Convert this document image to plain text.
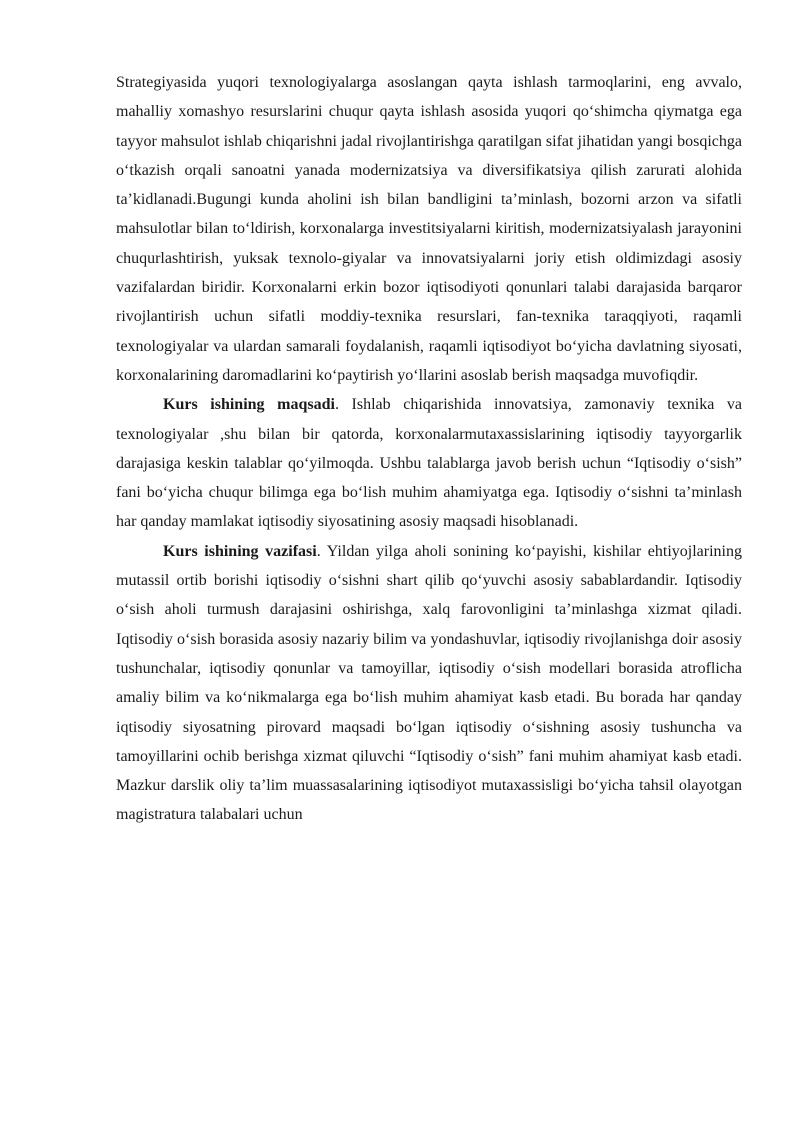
Strategiyasida yuqori texnologiyalarga asoslangan qayta ishlash tarmoqlarini, eng avvalo, mahalliy xomashyo resurslarini chuqur qayta ishlash asosida yuqori qo‘shimcha qiymatga ega tayyor mahsulot ishlab chiqarishni jadal rivojlantirishga qaratilgan sifat jihatidan yangi bosqichga o‘tkazish orqali sanoatni yanada modernizatsiya va diversifikatsiya qilish zarurati alohida ta’kidlanadi.Bugungi kunda aholini ish bilan bandligini ta’minlash, bozorni arzon va sifatli mahsulotlar bilan to‘ldirish, korxonalarga investitsiyalarni kiritish, modernizatsiyalash jarayonini chuqurlashtirish, yuksak texnolo-giyalar va innovatsiyalarni joriy etish oldimizdagi asosiy vazifalardan biridir. Korxonalarni erkin bozor iqtisodiyoti qonunlari talabi darajasida barqaror rivojlantirish uchun sifatli moddiy-texnika resurslari, fan-texnika taraqqiyoti, raqamli texnologiyalar va ulardan samarali foydalanish, raqamli iqtisodiyot bo‘yicha davlatning siyosati, korxonalarining daromadlarini ko‘paytirish yo‘llarini asoslab berish maqsadga muvofiqdir.

Kurs ishining maqsadi. Ishlab chiqarishida innovatsiya, zamonaviy texnika va texnologiyalar ,shu bilan bir qatorda, korxonalarmutaxassislarining iqtisodiy tayyorgarlik darajasiga keskin talablar qo‘yilmoqda. Ushbu talablarga javob berish uchun “Iqtisodiy o‘sish” fani bo‘yicha chuqur bilimga ega bo‘lish muhim ahamiyatga ega. Iqtisodiy o‘sishni ta’minlash har qanday mamlakat iqtisodiy siyosatining asosiy maqsadi hisoblanadi.

Kurs ishining vazifasi. Yildan yilga aholi sonining ko‘payishi, kishilar ehtiyojlarining mutassil ortib borishi iqtisodiy o‘sishni shart qilib qo‘yuvchi asosiy sabablardandir. Iqtisodiy o‘sish aholi turmush darajasini oshirishga, xalq farovonligini ta’minlashga xizmat qiladi. Iqtisodiy o‘sish borasida asosiy nazariy bilim va yondashuvlar, iqtisodiy rivojlanishga doir asosiy tushunchalar, iqtisodiy qonunlar va tamoyillar, iqtisodiy o‘sish modellari borasida atroflicha amaliy bilim va ko‘nikmalarga ega bo‘lish muhim ahamiyat kasb etadi. Bu borada har qanday iqtisodiy siyosatning pirovard maqsadi bo‘lgan iqtisodiy o‘sishning asosiy tushuncha va tamoyillarini ochib berishga xizmat qiluvchi “Iqtisodiy o‘sish” fani muhim ahamiyat kasb etadi. Mazkur darslik oliy ta’lim muassasalarining iqtisodiyot mutaxassisligi bo‘yicha tahsil olayotgan magistratura talabalari uchun
